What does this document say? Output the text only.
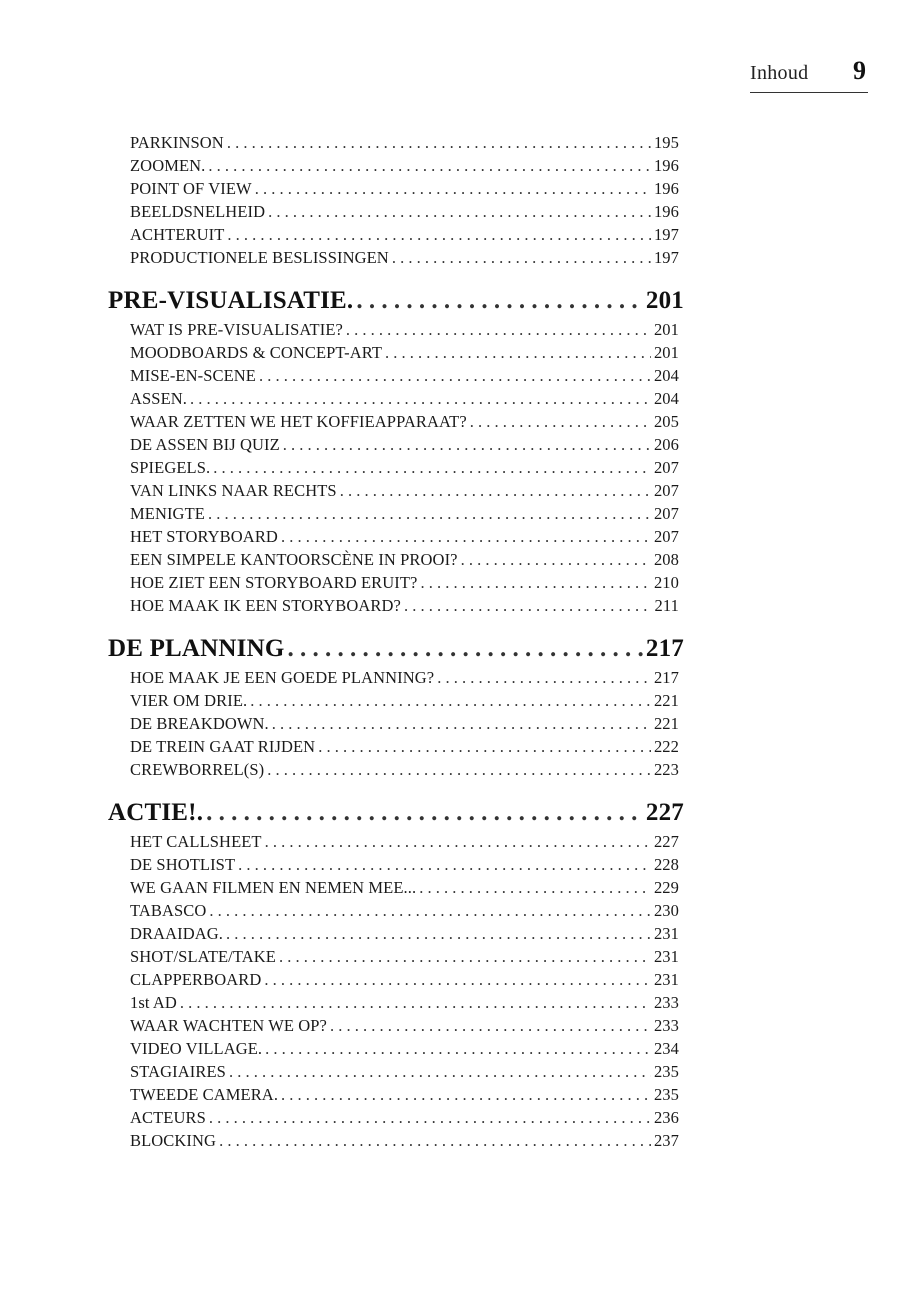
Inhoud 9
PARKINSON . . .	195
ZOOMEN. . . .	196
POINT OF VIEW . . .	196
BEELDSNELHEID . . .	196
ACHTERUIT . . .	197
PRODUCTIONELE BESLISSINGEN . . .	197
PRE-VISUALISATIE. . . .	201
WAT IS PRE-VISUALISATIE? . . .	201
MOODBOARDS & CONCEPT-ART . . .	201
MISE-EN-SCENE . . .	204
ASSEN. . . .	204
WAAR ZETTEN WE HET KOFFIEAPPARAAT? . . .	205
DE ASSEN BIJ QUIZ . . .	206
SPIEGELS. . . .	207
VAN LINKS NAAR RECHTS . . .	207
MENIGTE . . .	207
HET STORYBOARD . . .	207
EEN SIMPELE KANTOORSCÈNE IN PROOI? . . .	208
HOE ZIET EEN STORYBOARD ERUIT? . . .	210
HOE MAAK IK EEN STORYBOARD? . . .	211
DE PLANNING . . .	217
HOE MAAK JE EEN GOEDE PLANNING? . . .	217
VIER OM DRIE. . . .	221
DE BREAKDOWN. . . .	221
DE TREIN GAAT RIJDEN . . .	222
CREWBORREL(S) . . .	223
ACTIE!. . . .	227
HET CALLSHEET . . .	227
DE SHOTLIST . . .	228
WE GAAN FILMEN EN NEMEN MEE... . . .	229
TABASCO . . .	230
DRAAIDAG. . . .	231
SHOT/SLATE/TAKE . . .	231
CLAPPERBOARD . . .	231
1st AD . . .	233
WAAR WACHTEN WE OP? . . .	233
VIDEO VILLAGE. . . .	234
STAGIAIRES . . .	235
TWEEDE CAMERA. . . .	235
ACTEURS . . .	236
BLOCKING . . .	237
